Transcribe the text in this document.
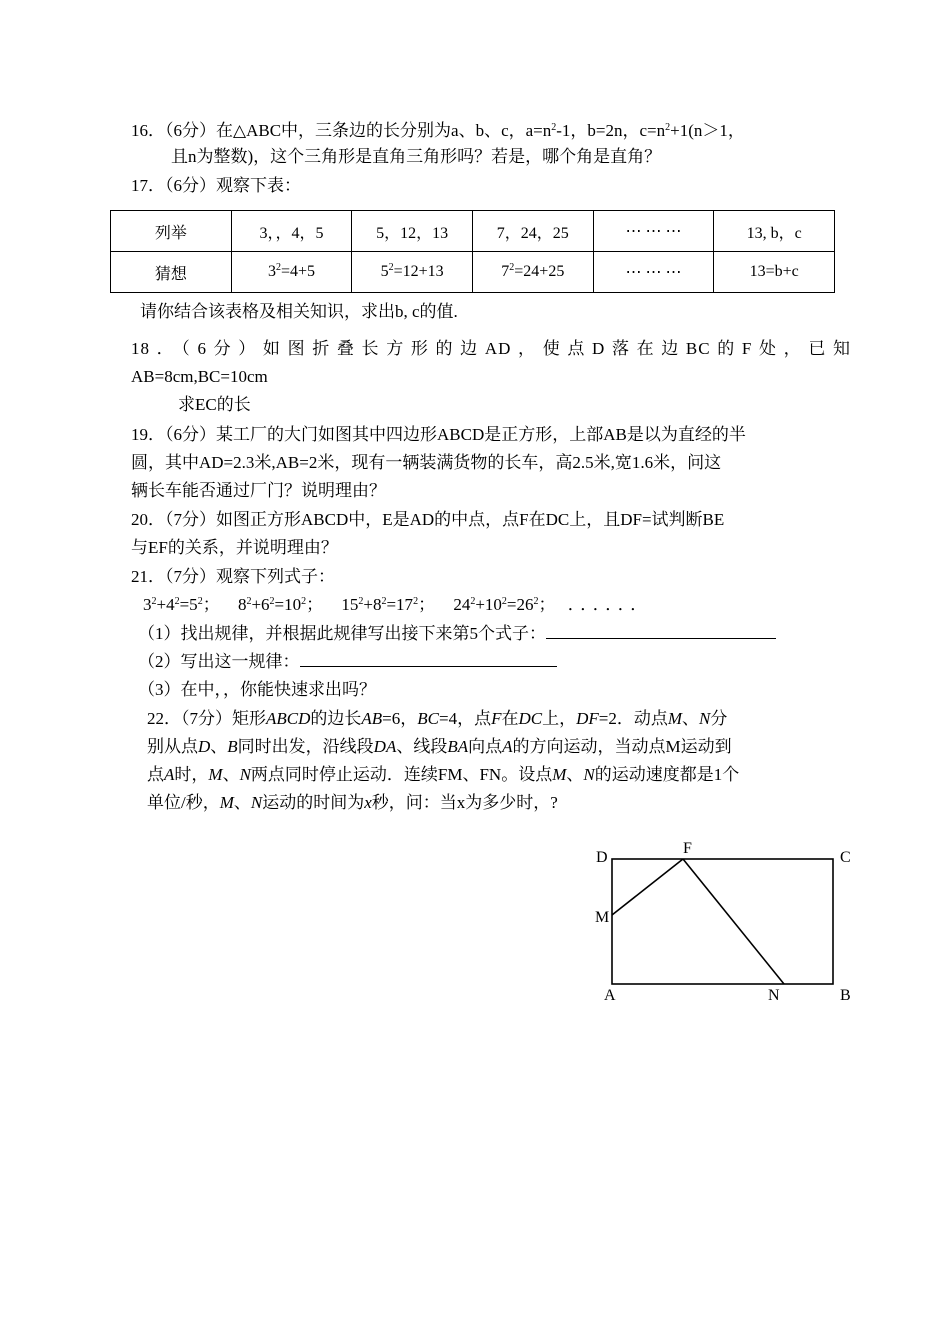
16．（6分）在△ABC中，三条边的长分别为a、b、c，$a=n^2-1$，b=2n，$c=n^2+1(n>1$，
且n为整数)，这个三角形是直角三角形吗？若是，哪个角是直角？
17．（6分）观察下表：
列举	3，，4，5	5，12，13	7，24，25	⋯ ⋯ ⋯	13, b，c
猜想	$3^2=4+5$	$5^2=12+13$	$7^2=24+25$	⋯ ⋯ ⋯	13=b+c
请你结合该表格及相关知识，求出b, c的值.
18．（6分）如图折叠长方形的边AD，使点D落在边BC的F处，已知
AB=8cm,BC=10cm
求EC的长
19．（6分）某工厂的大门如图其中四边形ABCD是正方形，上部AB是以为直经的半
圆，其中AD=2.3米,AB=2米，现有一辆装满货物的长车，高2.5米,宽1.6米，问这
辆长车能否通过厂门？说明理由？
20．（7分）如图正方形ABCD中，E是AD的中点，点F在DC上，且DF=试判断BE
与EF的关系，并说明理由？
21．（7分）观察下列式子：
$3^2+4^2=5^2$； $8^2+6^2=10^2$； $15^2+8^2=17^2$； $24^2+10^2=26^2$； ．．．．．．
（1）找出规律，并根据此规律写出接下来第5个式子：
（2）写出这一规律：
（3）在中，，你能快速求出吗？
22．（7分）矩形ABCD的边长AB=6，BC=4，点F在DC上，DF=2．动点M、N分
别从点D、B同时出发，沿线段DA、线段BA向点A的方向运动，当动点M运动到
点A时，M、N两点同时停止运动．连续FM、FN。设点M、N的运动速度都是1个
单位/秒，M、N运动的时间为x秒，问：当x为多少时，?
D
F
C
M
A	N	B
